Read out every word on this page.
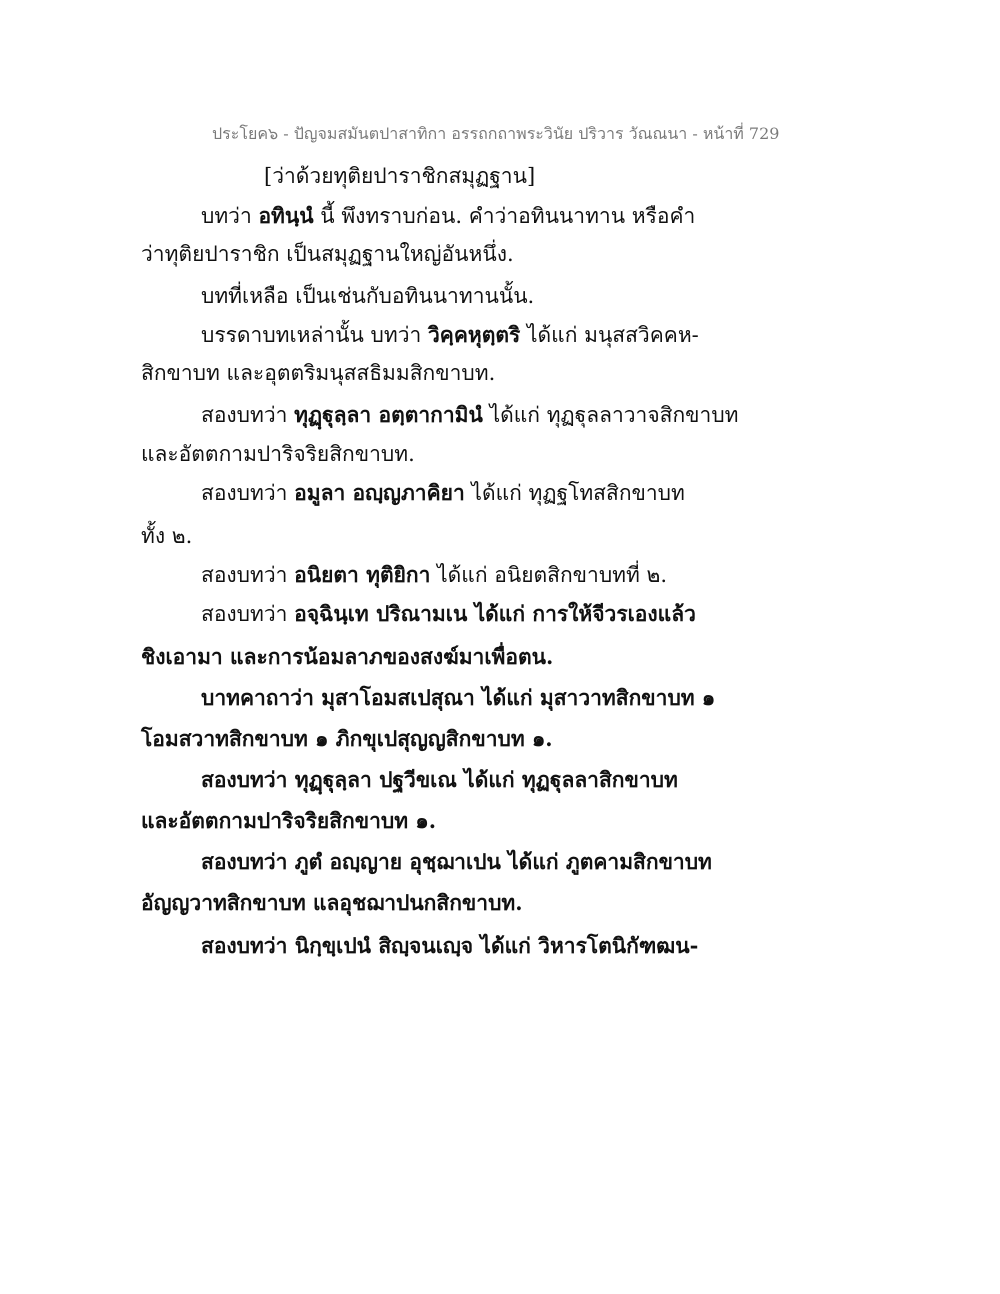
ประโยค๖ - ปัญจมสมันตปาสาทิกา อรรถกถาพระวินัย ปริวาร วัณณนา - หน้าที่ 729
[ว่าด้วยทุติยปาราชิกสมุฏฐาน]
บทว่า อทินฺนํ นี้ พึงทราบก่อน. คำว่าอทินนาทาน หรือคำ
ว่าทุติยปาราชิก เป็นสมุฏฐานใหญ่อันหนึ่ง.
บทที่เหลือ เป็นเช่นกับอทินนาทานนั้น.
บรรดาบทเหล่านั้น บทว่า วิคฺคหุตฺตริ ได้แก่ มนุสสวิคคห-
สิกขาบท และอุตตริมนุสสธิมมสิกขาบท.
สองบทว่า ทุฏฺฐุลฺลา อตฺตากามินํ ได้แก่ ทุฏฐุลลาวาจสิกขาบท
และอัตตกามปาริจริยสิกขาบท.
สองบทว่า อมูลา อญฺญภาคิยา ได้แก่ ทุฏฐโทสสิกขาบท
ทั้ง ๒.
สองบทว่า อนิยตา ทุติยิกา ได้แก่ อนิยตสิกขาบทที่ ๒.
สองบทว่า อจฺฉินฺเท ปริณามเน ได้แก่ การให้จีวรเองแล้ว
ชิงเอามา และการน้อมลาภของสงฆ์มาเพื่อตน.
บาทคาถาว่า มุสาโอมสเปสุณา ได้แก่ มุสาวาทสิกขาบท ๑
โอมสวาทสิกขาบท ๑ ภิกขุเปสุญญสิกขาบท ๑.
สองบทว่า ทุฏฺฐุลฺลา ปฐวีขเณ ได้แก่ ทุฏฐุลลาสิกขาบท
และอัตตกามปาริจริยสิกขาบท ๑.
สองบทว่า ภูตํ อญฺญาย อุชฺฌาเปน ได้แก่ ภูตคามสิกขาบท
อัญญวาทสิกขาบท แลอุชฌาปนกสิกขาบท.
สองบทว่า นิกฺขฺเปนํ สิญฺจนเญฺจ ได้แก่ วิหารโตนิกัฑฒน-
